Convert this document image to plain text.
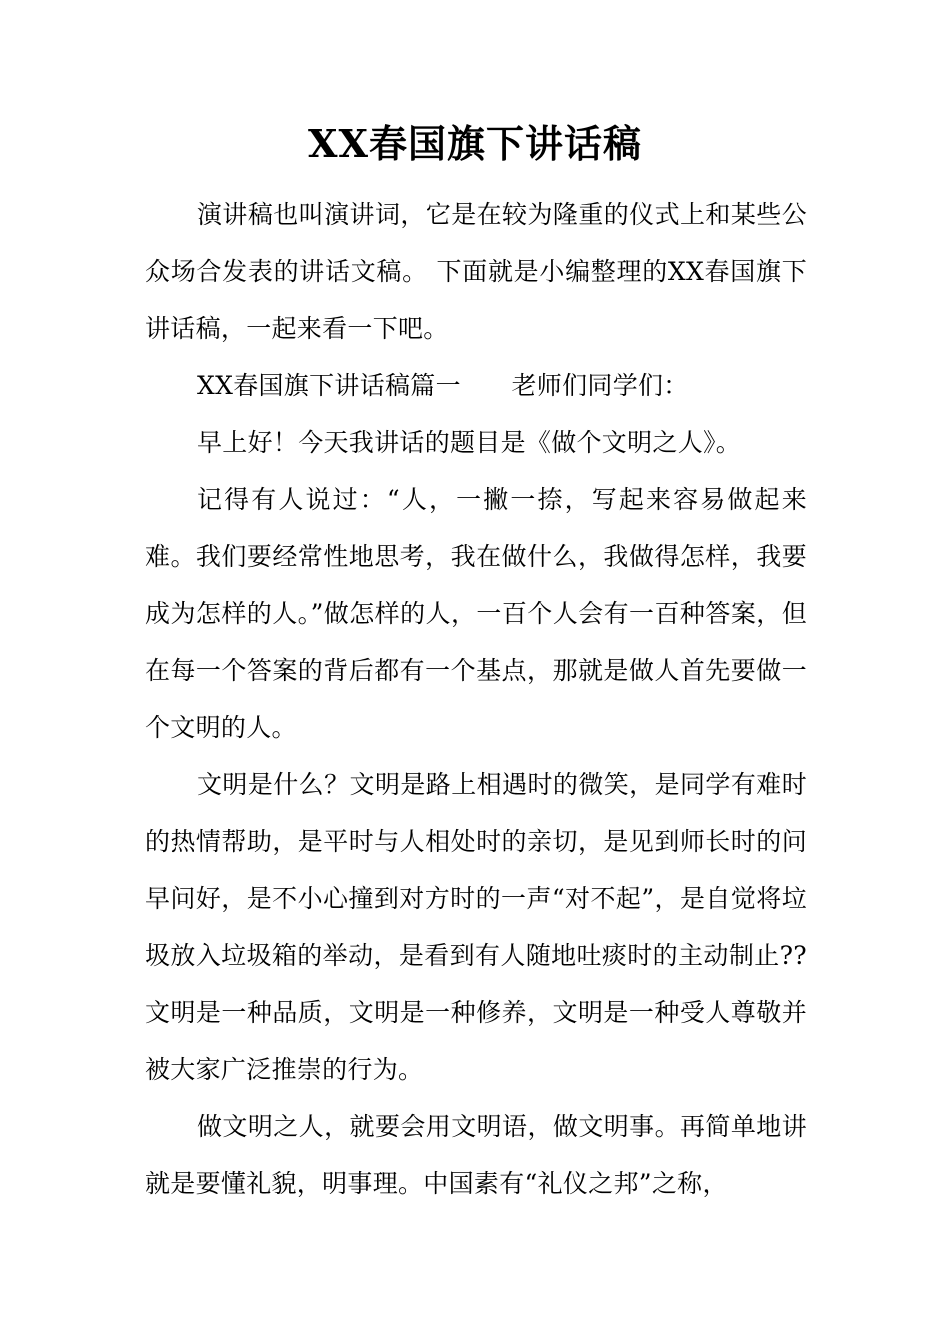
XX春国旗下讲话稿

演讲稿也叫演讲词，它是在较为隆重的仪式上和某些公众场合发表的讲话文稿。 下面就是小编整理的XX春国旗下讲话稿，一起来看一下吧。

XX春国旗下讲话稿篇一　　老师们同学们：

早上好！今天我讲话的题目是《做个文明之人》。

记得有人说过：“人，一撇一捺，写起来容易做起来难。我们要经常性地思考，我在做什么，我做得怎样，我要成为怎样的人。”做怎样的人，一百个人会有一百种答案，但在每一个答案的背后都有一个基点，那就是做人首先要做一个文明的人。

文明是什么？文明是路上相遇时的微笑，是同学有难时的热情帮助，是平时与人相处时的亲切，是见到师长时的问早问好，是不小心撞到对方时的一声“对不起”，是自觉将垃圾放入垃圾箱的举动，是看到有人随地吐痰时的主动制止??文明是一种品质，文明是一种修养，文明是一种受人尊敬并被大家广泛推崇的行为。

做文明之人，就要会用文明语，做文明事。再简单地讲就是要懂礼貌，明事理。中国素有“礼仪之邦”之称，
